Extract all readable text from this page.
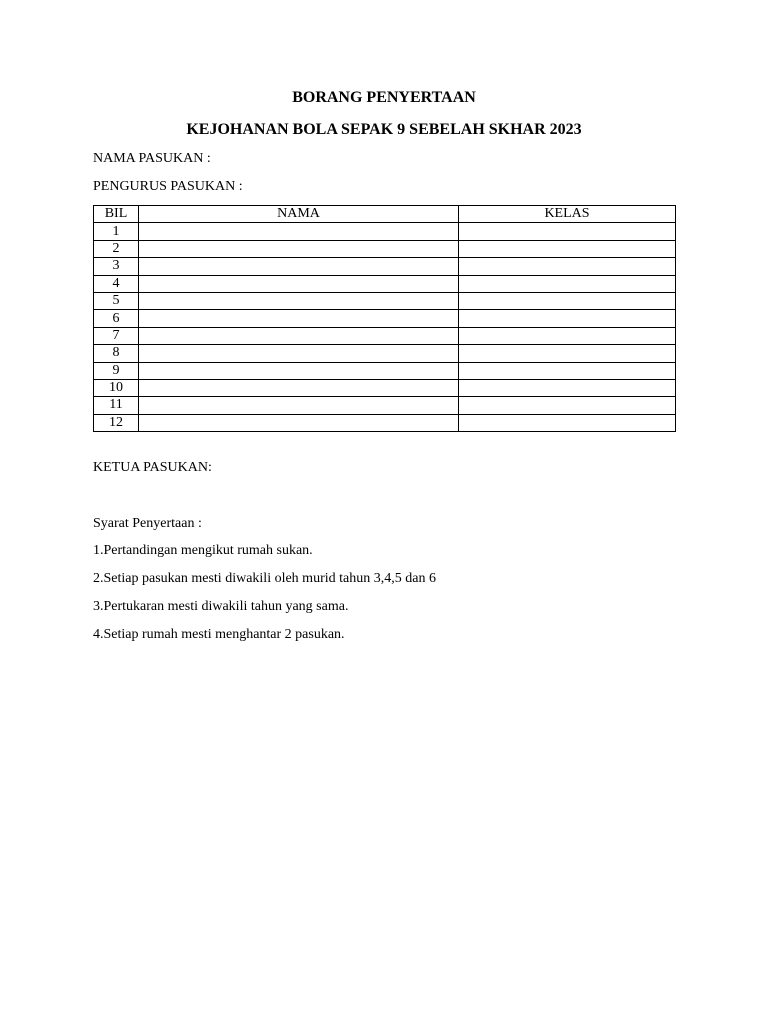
BORANG PENYERTAAN
KEJOHANAN BOLA SEPAK 9 SEBELAH SKHAR 2023
NAMA PASUKAN :
PENGURUS PASUKAN :
BIL	NAMA	KELAS
1		
2		
3		
4		
5		
6		
7		
8		
9		
10		
11		
12		
KETUA PASUKAN:
Syarat Penyertaan :
1.Pertandingan mengikut rumah sukan.
2.Setiap pasukan mesti diwakili oleh murid tahun 3,4,5 dan 6
3.Pertukaran mesti diwakili tahun yang sama.
4.Setiap rumah mesti menghantar 2 pasukan.
